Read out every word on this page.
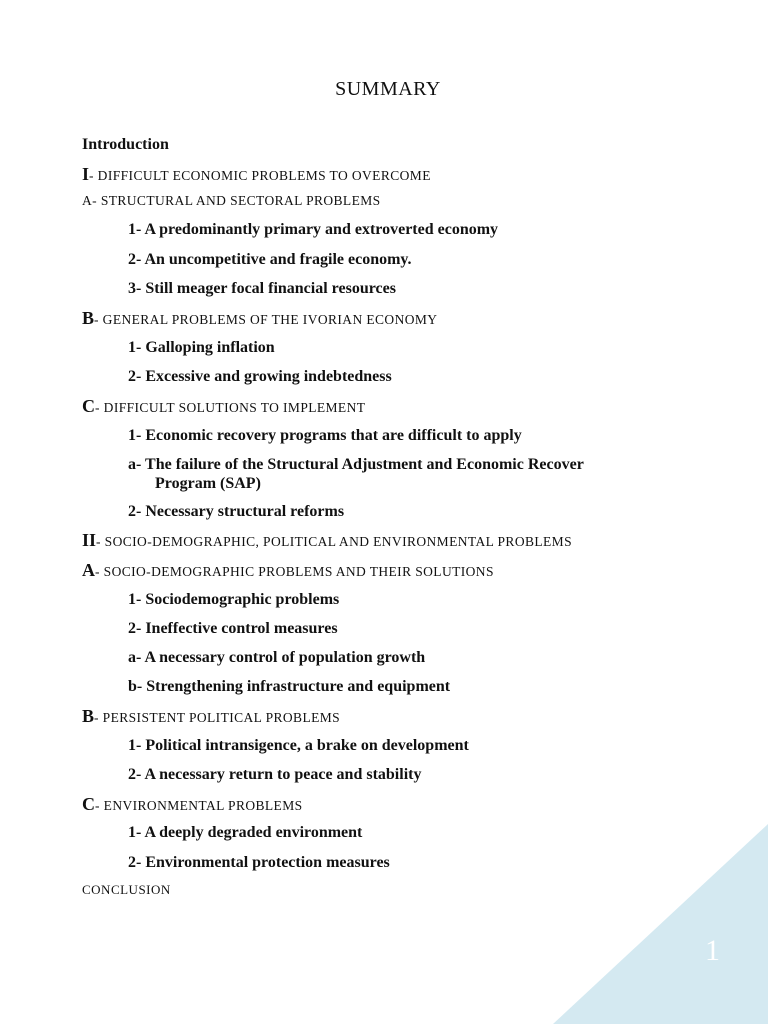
1
SUMMARY
Introduction
I- DIFFICULT ECONOMIC PROBLEMS TO OVERCOME
A- STRUCTURAL AND SECTORAL PROBLEMS
1- A predominantly primary and extroverted economy
2- An uncompetitive and fragile economy.
3- Still meager focal financial resources
B- GENERAL PROBLEMS OF THE IVORIAN ECONOMY
1- Galloping inflation
2- Excessive and growing indebtedness
C- DIFFICULT SOLUTIONS TO IMPLEMENT
1- Economic recovery programs that are difficult to apply
a- The failure of the Structural Adjustment and Economic Recover
Program (SAP)
2- Necessary structural reforms
II- SOCIO-DEMOGRAPHIC, POLITICAL AND ENVIRONMENTAL PROBLEMS
A- SOCIO-DEMOGRAPHIC PROBLEMS AND THEIR SOLUTIONS
1- Sociodemographic problems
2- Ineffective control measures
a- A necessary control of population growth
b- Strengthening infrastructure and equipment
B- PERSISTENT POLITICAL PROBLEMS
1- Political intransigence, a brake on development
2- A necessary return to peace and stability
C- ENVIRONMENTAL PROBLEMS
1- A deeply degraded environment
2- Environmental protection measures
CONCLUSION
